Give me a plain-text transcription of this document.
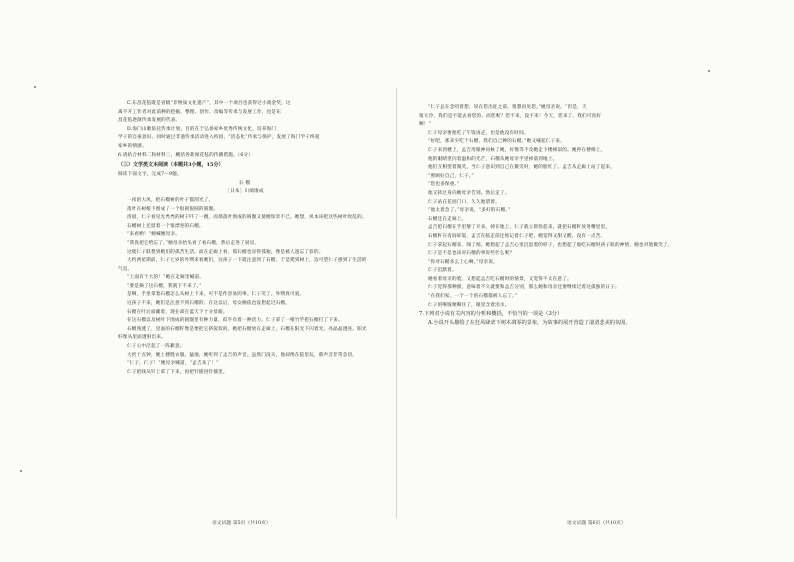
C.东昌花毡既是省级“非物质文化遗产”，其中一个项目也获得过小商金奖，这

离不开工作者对此前种的挖掘、整理、创作、改编等传承与发展工作，也是东

昌花毡逐渐传承发展的代表。

D.海门山歌依托传承计划，目的在于弘扬家乡优秀传统文化，培养海门

学子的自豪意识，同时通过非遗传承活动进入校园，“活态化”传承与保护，发展了海门学子终爱

家乡的情感。

6.请结合材料二和材料三，概括各新闻花毡的传播措施。（6分）

（三）文学类文本阅读（本题共3小题，15分）

阅读下面文字，完成7～9题。

石 榴

［日本］川端康成

一夜的大风，把石榴树的叶子都刮光了。

落叶在树根下围成了一个很圆很圆的圆圈。

清晨，仁子看见光秃秃的树干吓了一跳，而那落叶围成的圆圈又使她惊奇不已。她想，风本该把这些树叶吹乱的。

石榴树上还留着一个很漂亮的石榴。

“来看哟！”她喊她母亲。

“我真把它给忘了。”她母亲抬头看了看石榴，然后走进了厨房。

这使仁子联想到她们的孤苦生活。而在走廊上看，那石榴也显得孤独，像是被人遗忘了似的。

大约两星期前，仁子七岁的外甥来看她们，这孩子一下就注意到了石榴，于是爬到树上，边可望仁子感到了生活的气息。

“上面有个大的！”她在走廊里喊道。

“要是摘了这石榴，我就下不来了。”

是啊，手里拿着石榴怎么从树上下来，可不是件容易的事。仁子笑了。外甥真可爱。

这孩子不来，她们是注意不到石榴的；在这以后，母女俩依也没想起过石榴。

石榴在叶后面藏着，现在却在蓝天下十分显眼。

在这石榴以及树叶下围成的圆圈里有种力量，似乎有着一种活力。仁子拿了一根竹竿把石榴打了下来。

石榴熟透了，里面的石榴籽像是要把它挤裂似的。她把石榴放在走廊上，石榴在阳光下闪着光，亮晶晶透亮。阳光好像从里面透射出来。

仁子心中泛起了一阵歉意。

大约十点钟，她上楼缝衣服。猛地，她听到了孟吉的声音。虽然门没关，他却像在院里玩，那声音非常急切。

“仁子，仁子！”她母亲喊道，“孟吉来了！”

仁子把线从针上拿了下来，再把针插进针插里。

语文试题 第5页（共10页）

“仁子总在念叨着想，说在您出征之前，很想再见您。”她母亲说。“但是，天

很大冷，我们是不能去看您的。而您呢？您不来。没不来！今天，您来了。我们可真好

啊！”

仁子母亲要他吃了午饭再走，但是他没有时间。

“好吧，那来少吃个石榴，我们自己种的石榴。”她又喊起仁子来。

仁子来到楼上，孟吉用眼神问候了她，好像等不及她走下楼梯似的。她停在楼梯上。

他的眼睛里闪着温和的光芒，石榴从她母亲手里掉落到地上。

他们互相望着微笑。当仁子意识到自己在微笑时，她的脸红了。孟吉从走廊上站了起来。

“照顾好自己，仁子。”

“您也多保重。”

他又转过身向她母亲告别。然后走了。

仁子站在花园门口，久久地望着。

“他太着急了。”母亲说，“多好的石榴。”

石榴还在走廊上。

孟吉把石榴在手里掰了开来，掉在地上，仁子就立即捡起来，就把石榴籽放进嘴里里。

石榴籽在齿间碎裂，孟吉在临走前还惦记着仁子吧，她觉得又甜又酸，没有一点苦。

仁子拿起石榴来，闻了闻。她想起了孟吉心里沉思着的样子，也想起了他吃石榴时孩子般的神情，她也对他微笑了。

仁子是不是也该对石榴的事说些什么呢？

“你对石榴多么上心啊。”母亲说。

仁子沉默着。

她看着母亲的脸，又想起孟吉吃石榴时的情景，又觉得不太在意了。

仁子觉得那种甜，意味着不久就要和孟吉分别，那么她和母亲还要继续过着这孤独的日子。

“在我们家，一个一个的石榴都被人忘了。”

仁子的喉咙哽咽住了，眼里含着泪水。

7.下列对小说有关内容的分析和概括，不恰当的一项是（3分）

A.小说开头描绘了在狂风肆虐下树木凋零的景象，为故事的展开营造了凄清悲美的氛围。

语文试题 第6页（共10页）
